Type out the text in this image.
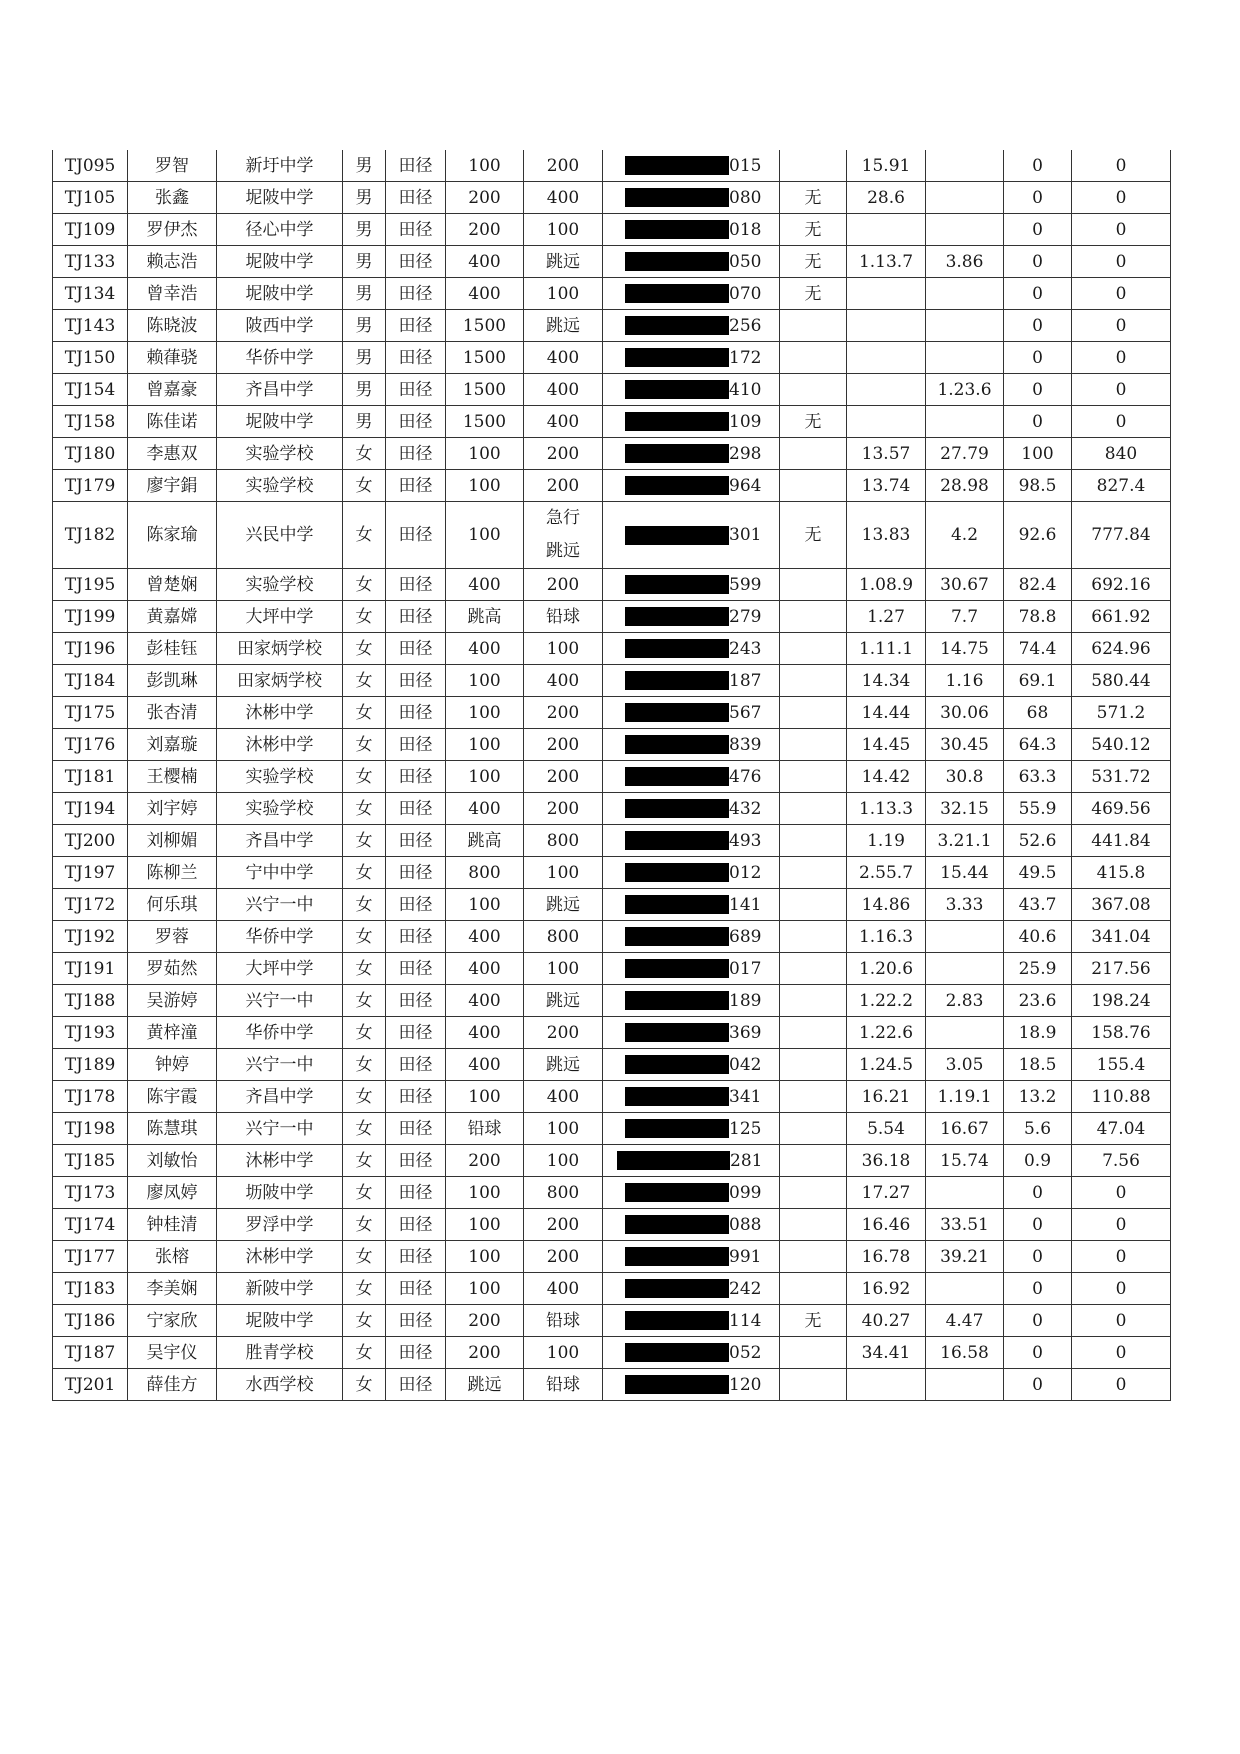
TJ095	罗智	新圩中学	男	田径	100	200	015		15.91		0	0
TJ105	张鑫	坭陂中学	男	田径	200	400	080	无	28.6		0	0
TJ109	罗伊杰	径心中学	男	田径	200	100	018	无			0	0
TJ133	赖志浩	坭陂中学	男	田径	400	跳远	050	无	1.13.7	3.86	0	0
TJ134	曾幸浩	坭陂中学	男	田径	400	100	070	无			0	0
TJ143	陈晓波	陂西中学	男	田径	1500	跳远	256				0	0
TJ150	赖葎骁	华侨中学	男	田径	1500	400	172				0	0
TJ154	曾嘉豪	齐昌中学	男	田径	1500	400	410			1.23.6	0	0
TJ158	陈佳诺	坭陂中学	男	田径	1500	400	109	无			0	0
TJ180	李惠双	实验学校	女	田径	100	200	298		13.57	27.79	100	840
TJ179	廖宇鋗	实验学校	女	田径	100	200	964		13.74	28.98	98.5	827.4
TJ182	陈家瑜	兴民中学	女	田径	100	急行跳远	301	无	13.83	4.2	92.6	777.84
TJ195	曾楚娴	实验学校	女	田径	400	200	599		1.08.9	30.67	82.4	692.16
TJ199	黄嘉嫦	大坪中学	女	田径	跳高	铅球	279		1.27	7.7	78.8	661.92
TJ196	彭桂钰	田家炳学校	女	田径	400	100	243		1.11.1	14.75	74.4	624.96
TJ184	彭凯琳	田家炳学校	女	田径	100	400	187		14.34	1.16	69.1	580.44
TJ175	张杏清	沐彬中学	女	田径	100	200	567		14.44	30.06	68	571.2
TJ176	刘嘉璇	沐彬中学	女	田径	100	200	839		14.45	30.45	64.3	540.12
TJ181	王樱楠	实验学校	女	田径	100	200	476		14.42	30.8	63.3	531.72
TJ194	刘宇婷	实验学校	女	田径	400	200	432		1.13.3	32.15	55.9	469.56
TJ200	刘柳媚	齐昌中学	女	田径	跳高	800	493		1.19	3.21.1	52.6	441.84
TJ197	陈柳兰	宁中中学	女	田径	800	100	012		2.55.7	15.44	49.5	415.8
TJ172	何乐琪	兴宁一中	女	田径	100	跳远	141		14.86	3.33	43.7	367.08
TJ192	罗蓉	华侨中学	女	田径	400	800	689		1.16.3		40.6	341.04
TJ191	罗茹然	大坪中学	女	田径	400	100	017		1.20.6		25.9	217.56
TJ188	吴游婷	兴宁一中	女	田径	400	跳远	189		1.22.2	2.83	23.6	198.24
TJ193	黄梓潼	华侨中学	女	田径	400	200	369		1.22.6		18.9	158.76
TJ189	钟婷	兴宁一中	女	田径	400	跳远	042		1.24.5	3.05	18.5	155.4
TJ178	陈宇霞	齐昌中学	女	田径	100	400	341		16.21	1.19.1	13.2	110.88
TJ198	陈慧琪	兴宁一中	女	田径	铅球	100	125		5.54	16.67	5.6	47.04
TJ185	刘敏怡	沐彬中学	女	田径	200	100	281		36.18	15.74	0.9	7.56
TJ173	廖凤婷	坜陂中学	女	田径	100	800	099		17.27		0	0
TJ174	钟桂清	罗浮中学	女	田径	100	200	088		16.46	33.51	0	0
TJ177	张榕	沐彬中学	女	田径	100	200	991		16.78	39.21	0	0
TJ183	李美娴	新陂中学	女	田径	100	400	242		16.92		0	0
TJ186	宁家欣	坭陂中学	女	田径	200	铅球	114	无	40.27	4.47	0	0
TJ187	吴宇仪	胜青学校	女	田径	200	100	052		34.41	16.58	0	0
TJ201	薛佳方	水西学校	女	田径	跳远	铅球	120				0	0
